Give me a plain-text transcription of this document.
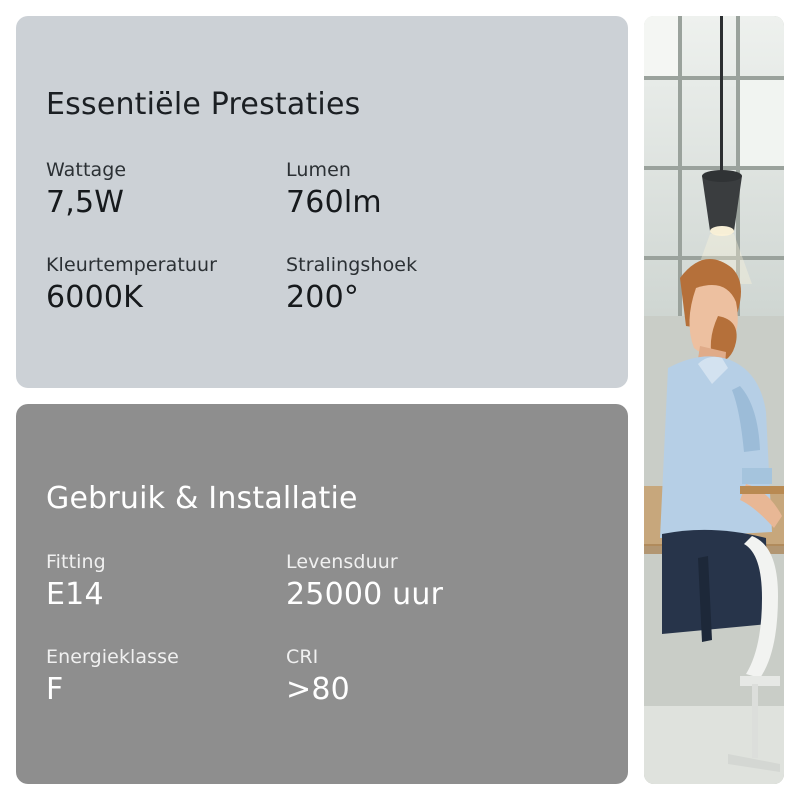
Essentiële Prestaties
Wattage
7,5W
Lumen
760lm
Kleurtemperatuur
6000K
Stralingshoek
200°
Gebruik & Installatie
Fitting
E14
Levensduur
25000 uur
Energieklasse
F
CRI
>80
